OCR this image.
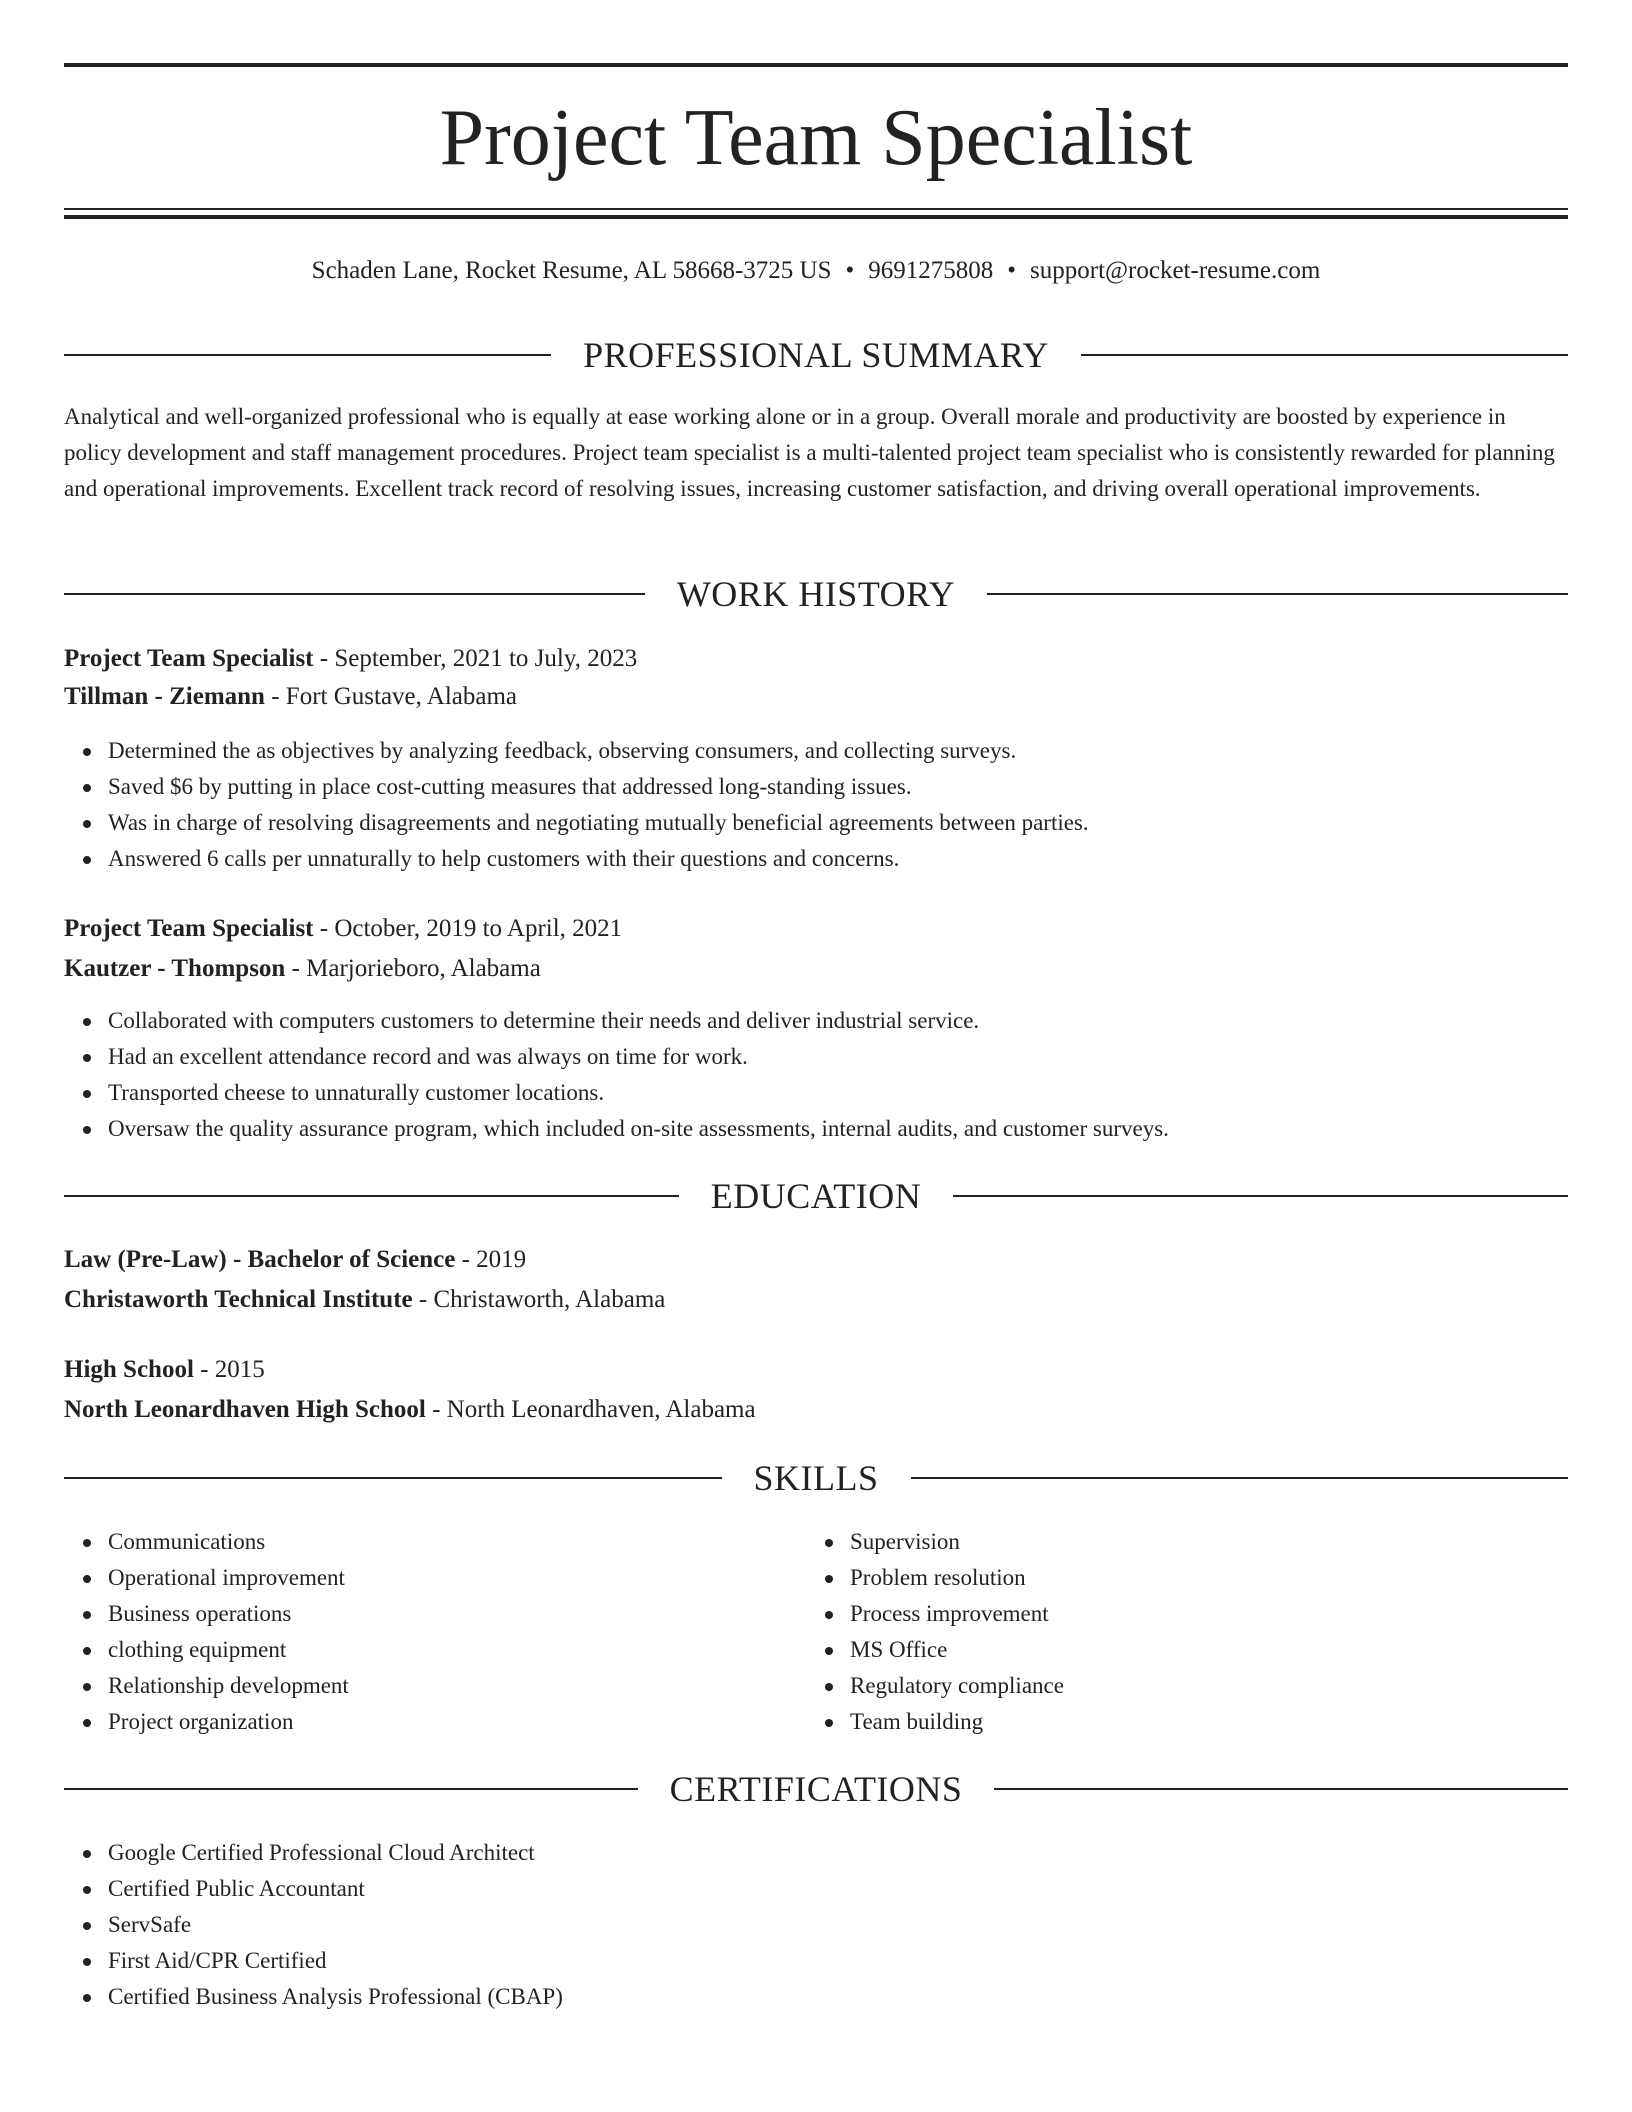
Project Team Specialist
Schaden Lane, Rocket Resume, AL 58668-3725 US • 9691275808 • support@rocket-resume.com
PROFESSIONAL SUMMARY

Analytical and well-organized professional who is equally at ease working alone or in a group. Overall morale and productivity are boosted by experience in policy development and staff management procedures. Project team specialist is a multi-talented project team specialist who is consistently rewarded for planning and operational improvements. Excellent track record of resolving issues, increasing customer satisfaction, and driving overall operational improvements.

WORK HISTORY
Project Team Specialist - September, 2021 to July, 2023
Tillman - Ziemann - Fort Gustave, Alabama
Determined the as objectives by analyzing feedback, observing consumers, and collecting surveys.
Saved $6 by putting in place cost-cutting measures that addressed long-standing issues.
Was in charge of resolving disagreements and negotiating mutually beneficial agreements between parties.
Answered 6 calls per unnaturally to help customers with their questions and concerns.
Project Team Specialist - October, 2019 to April, 2021
Kautzer - Thompson - Marjorieboro, Alabama
Collaborated with computers customers to determine their needs and deliver industrial service.
Had an excellent attendance record and was always on time for work.
Transported cheese to unnaturally customer locations.
Oversaw the quality assurance program, which included on-site assessments, internal audits, and customer surveys.
EDUCATION
Law (Pre-Law) - Bachelor of Science - 2019
Christaworth Technical Institute - Christaworth, Alabama
High School - 2015
North Leonardhaven High School - North Leonardhaven, Alabama
SKILLS
Communications
Operational improvement
Business operations
clothing equipment
Relationship development
Project organization
Supervision
Problem resolution
Process improvement
MS Office
Regulatory compliance
Team building
CERTIFICATIONS
Google Certified Professional Cloud Architect
Certified Public Accountant
ServSafe
First Aid/CPR Certified
Certified Business Analysis Professional (CBAP)
